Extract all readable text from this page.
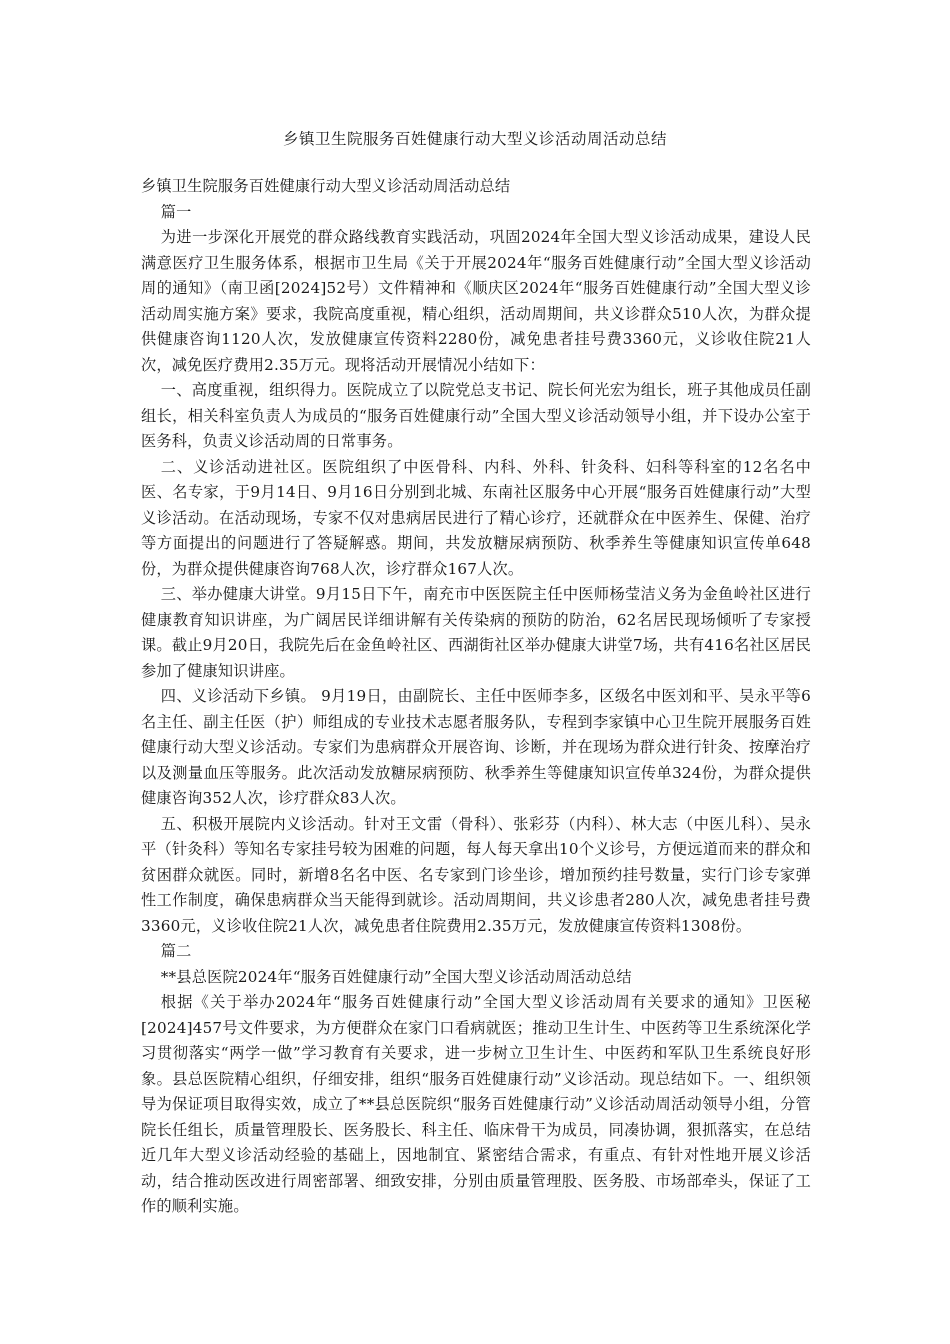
乡镇卫生院服务百姓健康行动大型义诊活动周活动总结

乡镇卫生院服务百姓健康行动大型义诊活动周活动总结

篇一

为进一步深化开展党的群众路线教育实践活动，巩固2024年全国大型义诊活动成果，建设人民满意医疗卫生服务体系，根据市卫生局《关于开展2024年“服务百姓健康行动”全国大型义诊活动周的通知》（南卫函[2024]52号）文件精神和《顺庆区2024年“服务百姓健康行动”全国大型义诊活动周实施方案》要求，我院高度重视，精心组织，活动周期间，共义诊群众510人次，为群众提供健康咨询1120人次，发放健康宣传资料2280份，减免患者挂号费3360元，义诊收住院21人次，减免医疗费用2.35万元。现将活动开展情况小结如下：

一、高度重视，组织得力。医院成立了以院党总支书记、院长何光宏为组长，班子其他成员任副组长，相关科室负责人为成员的“服务百姓健康行动”全国大型义诊活动领导小组，并下设办公室于医务科，负责义诊活动周的日常事务。

二、义诊活动进社区。医院组织了中医骨科、内科、外科、针灸科、妇科等科室的12名名中医、名专家，于9月14日、9月16日分别到北城、东南社区服务中心开展“服务百姓健康行动”大型义诊活动。在活动现场，专家不仅对患病居民进行了精心诊疗，还就群众在中医养生、保健、治疗等方面提出的问题进行了答疑解惑。期间，共发放糖尿病预防、秋季养生等健康知识宣传单648份，为群众提供健康咨询768人次，诊疗群众167人次。

三、举办健康大讲堂。9月15日下午，南充市中医医院主任中医师杨莹洁义务为金鱼岭社区进行健康教育知识讲座，为广阔居民详细讲解有关传染病的预防的防治，62名居民现场倾听了专家授课。截止9月20日，我院先后在金鱼岭社区、西湖街社区举办健康大讲堂7场，共有416名社区居民参加了健康知识讲座。

四、义诊活动下乡镇。 9月19日，由副院长、主任中医师李多，区级名中医刘和平、吴永平等6名主任、副主任医（护）师组成的专业技术志愿者服务队，专程到李家镇中心卫生院开展服务百姓健康行动大型义诊活动。专家们为患病群众开展咨询、诊断，并在现场为群众进行针灸、按摩治疗以及测量血压等服务。此次活动发放糖尿病预防、秋季养生等健康知识宣传单324份，为群众提供健康咨询352人次，诊疗群众83人次。

五、积极开展院内义诊活动。针对王文雷（骨科）、张彩芬（内科）、林大志（中医儿科）、吴永平（针灸科）等知名专家挂号较为困难的问题，每人每天拿出10个义诊号，方便远道而来的群众和贫困群众就医。同时，新增8名名中医、名专家到门诊坐诊，增加预约挂号数量，实行门诊专家弹性工作制度，确保患病群众当天能得到就诊。活动周期间，共义诊患者280人次，减免患者挂号费3360元，义诊收住院21人次，减免患者住院费用2.35万元，发放健康宣传资料1308份。

篇二

**县总医院2024年“服务百姓健康行动”全国大型义诊活动周活动总结

根据《关于举办2024年“服务百姓健康行动”全国大型义诊活动周有关要求的通知》卫医秘[2024]457号文件要求，为方便群众在家门口看病就医；推动卫生计生、中医药等卫生系统深化学习贯彻落实“两学一做”学习教育有关要求，进一步树立卫生计生、中医药和军队卫生系统良好形象。县总医院精心组织，仔细安排，组织“服务百姓健康行动”义诊活动。现总结如下。一、组织领导为保证项目取得实效，成立了**县总医院织“服务百姓健康行动”义诊活动周活动领导小组，分管院长任组长，质量管理股长、医务股长、科主任、临床骨干为成员，同凑协调，狠抓落实，在总结近几年大型义诊活动经验的基础上，因地制宜、紧密结合需求，有重点、有针对性地开展义诊活动，结合推动医改进行周密部署、细致安排，分别由质量管理股、医务股、市场部牵头，保证了工作的顺利实施。
